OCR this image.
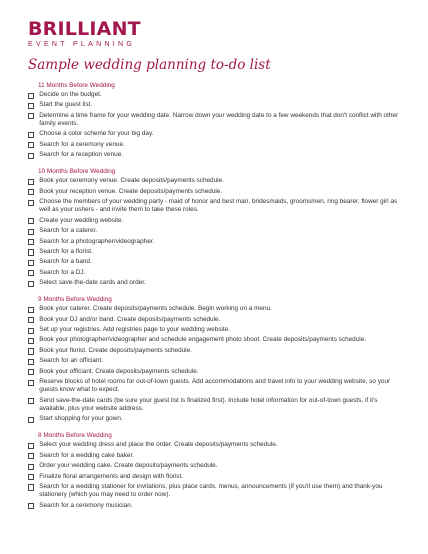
BRILLIANT
EVENT PLANNING
Sample wedding planning to-do list
11 Months Before Wedding
Decide on the budget.
Start the guest list.
Determine a time frame for your wedding date. Narrow down your wedding date to a few weekends that don't conflict with other family events.
Choose a color scheme for your big day.
Search for a ceremony venue.
Search for a reception venue.
10 Months Before Wedding
Book your ceremony venue. Create deposits/payments schedule.
Book your reception venue. Create deposits/payments schedule.
Choose the members of your wedding party - maid of honor and best man, bridesmaids, groomsmen, ring bearer, flower girl as well as your ushers - and invite them to take these roles.
Create your wedding website.
Search for a caterer.
Search for a photographer/videographer.
Search for a florist.
Search for a band.
Search for a DJ.
Select save-the-date cards and order.
9 Months Before Wedding
Book your caterer. Create deposits/payments schedule. Begin working on a menu.
Book your DJ and/or band. Create deposits/payments schedule.
Set up your registries. Add registries page to your wedding website.
Book your photographer/videographer and schedule engagement photo shoot. Create deposits/payments schedule.
Book your florist. Create deposits/payments schedule.
Search for an officiant.
Book your officiant. Create deposits/payments schedule.
Reserve blocks of hotel rooms for out-of-town guests. Add accommodations and travel info to your wedding website, so your guests know what to expect.
Send save-the-date cards (be sure your guest list is finalized first). Include hotel information for out-of-town guests, if it's available, plus your website address.
Start shopping for your gown.
8 Months Before Wedding
Select your wedding dress and place the order. Create deposits/payments schedule.
Search for a wedding cake baker.
Order your wedding cake. Create deposits/payments schedule.
Finalize floral arrangements and design with florist.
Search for a wedding stationer for invitations, plus place cards, menus, announcements (if you'll use them) and thank-you stationery (which you may need to order now).
Search for a ceremony musician.
